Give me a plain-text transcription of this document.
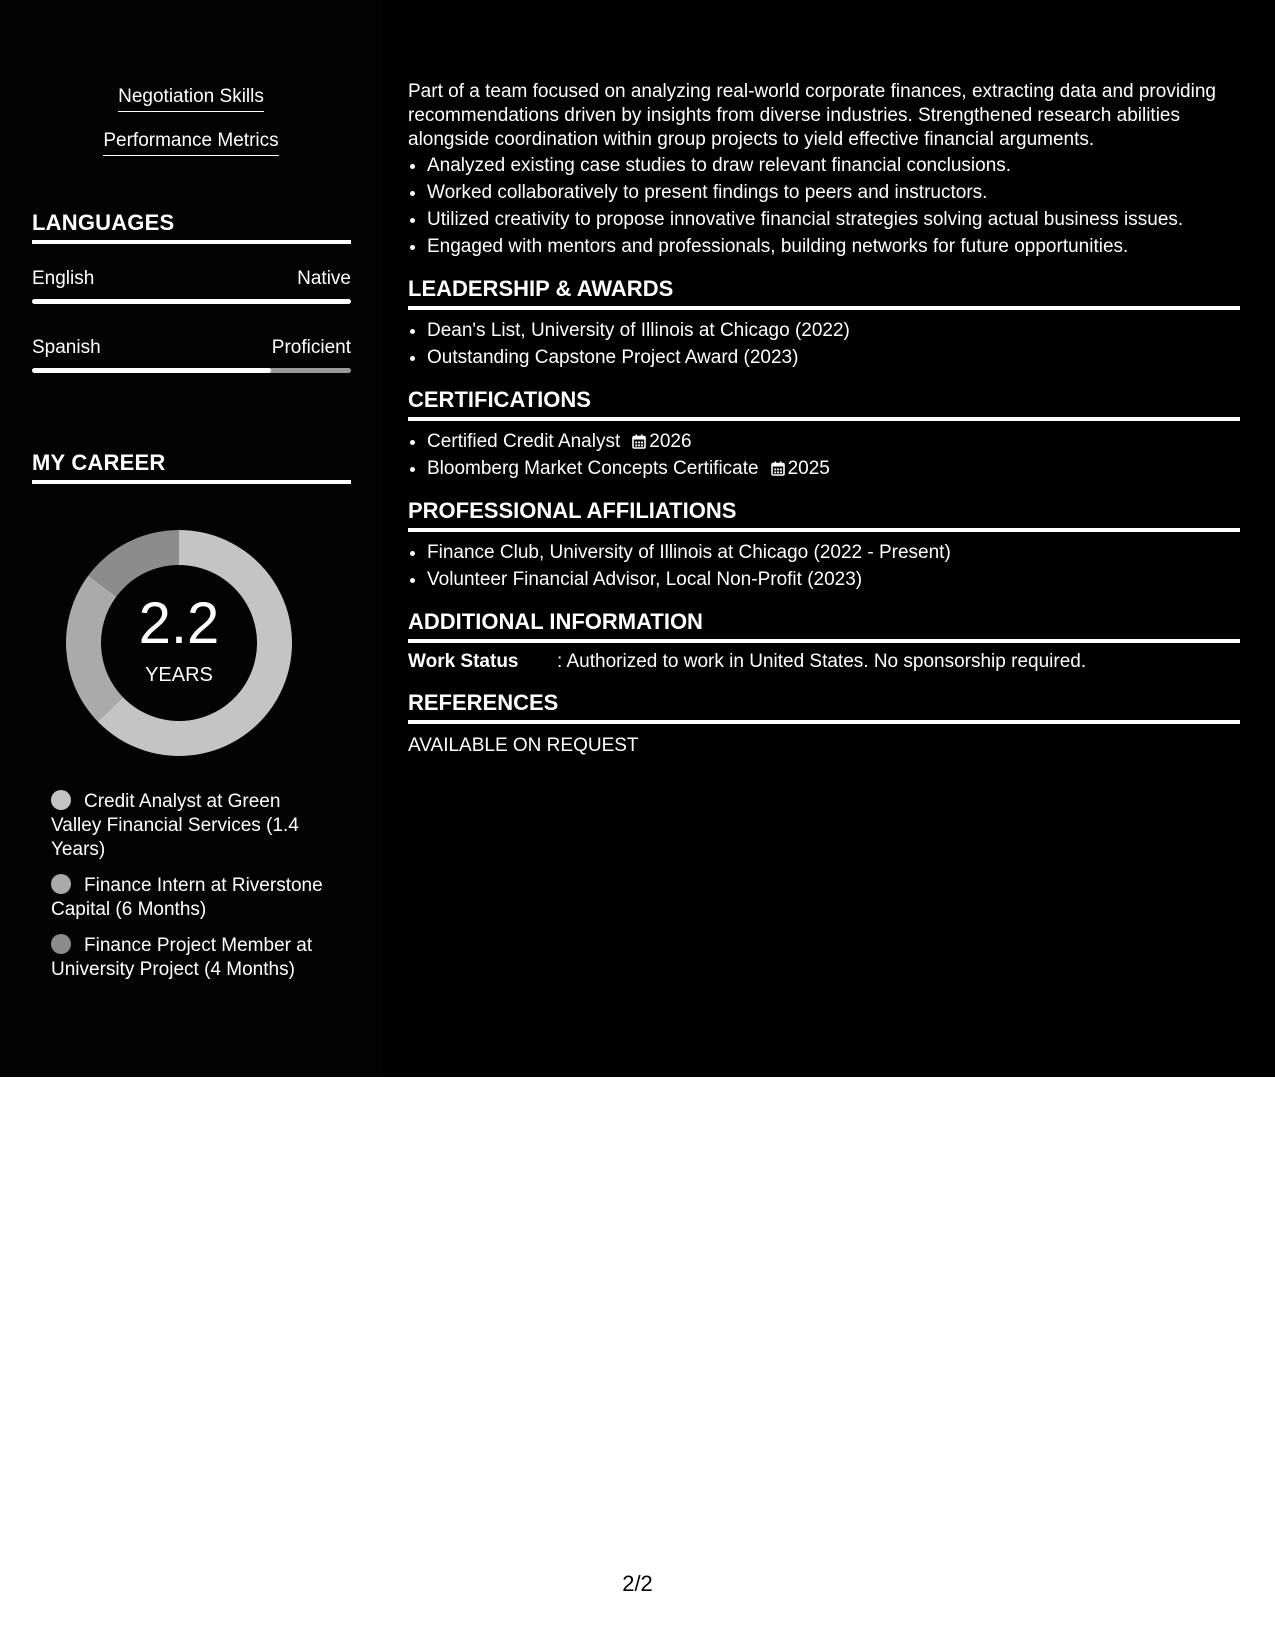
Negotiation Skills
Performance Metrics
LANGUAGES
English	Native
Spanish	Proficient
MY CAREER
2.2
YEARS
Credit Analyst at Green Valley Financial Services (1.4 Years)
Finance Intern at Riverstone Capital (6 Months)
Finance Project Member at University Project (4 Months)
Part of a team focused on analyzing real-world corporate finances, extracting data and providing recommendations driven by insights from diverse industries. Strengthened research abilities alongside coordination within group projects to yield effective financial arguments.
• Analyzed existing case studies to draw relevant financial conclusions.
• Worked collaboratively to present findings to peers and instructors.
• Utilized creativity to propose innovative financial strategies solving actual business issues.
• Engaged with mentors and professionals, building networks for future opportunities.
LEADERSHIP & AWARDS
• Dean's List, University of Illinois at Chicago (2022)
• Outstanding Capstone Project Award (2023)
CERTIFICATIONS
• Certified Credit Analyst 2026
• Bloomberg Market Concepts Certificate 2025
PROFESSIONAL AFFILIATIONS
• Finance Club, University of Illinois at Chicago (2022 - Present)
• Volunteer Financial Advisor, Local Non-Profit (2023)
ADDITIONAL INFORMATION
Work Status : Authorized to work in United States. No sponsorship required.
REFERENCES
AVAILABLE ON REQUEST
2/2
